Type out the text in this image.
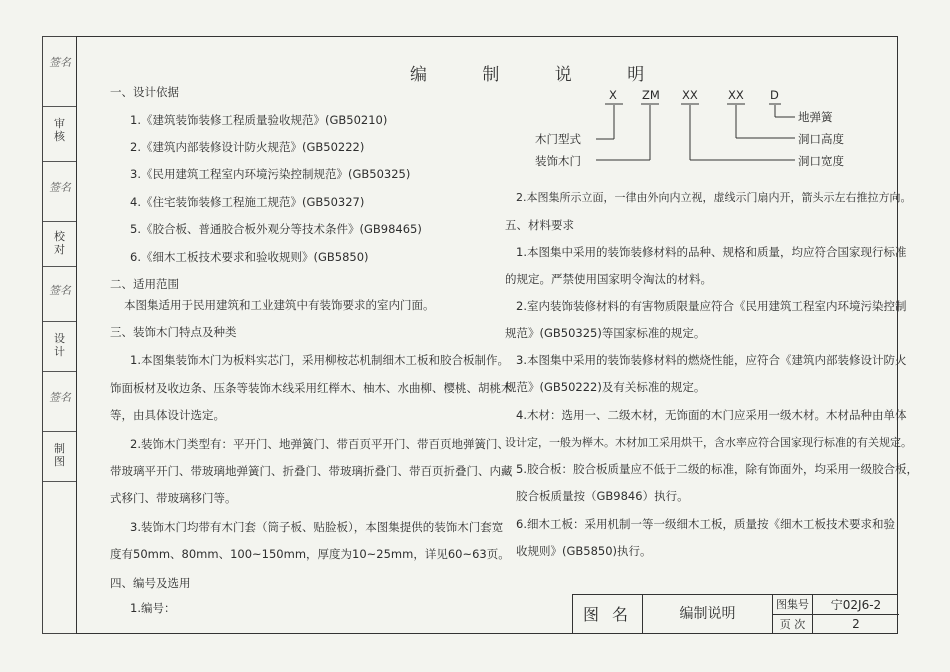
签名
审核
签名
校对
签名
设计
签名
制图
编 制 说 明
一、设计依据
1.《建筑装饰装修工程质量验收规范》(GB50210)
2.《建筑内部装修设计防火规范》(GB50222)
3.《民用建筑工程室内环境污染控制规范》(GB50325)
4.《住宅装饰装修工程施工规范》(GB50327)
5.《胶合板、普通胶合板外观分等技术条件》(GB98465)
6.《细木工板技术要求和验收规则》(GB5850)
二、适用范围
本图集适用于民用建筑和工业建筑中有装饰要求的室内门面。
三、装饰木门特点及种类
1.本图集装饰木门为板料实芯门，采用柳桉芯机制细木工板和胶合板制作。
饰面板材及收边条、压条等装饰木线采用红榉木、柚木、水曲柳、樱桃、胡桃木
等，由具体设计选定。
2.装饰木门类型有：平开门、地弹簧门、带百页平开门、带百页地弹簧门、
带玻璃平开门、带玻璃地弹簧门、折叠门、带玻璃折叠门、带百页折叠门、内藏
式移门、带玻璃移门等。
3.装饰木门均带有木门套（筒子板、贴脸板），本图集提供的装饰木门套宽
度有50mm、80mm、100~150mm，厚度为10~25mm，详见60~63页。
四、编号及选用
1.编号：
X ZM XX	XX D
地弹簧
洞口高度
洞口宽度
木门型式
装饰木门
2.本图集所示立面，一律由外向内立视，虚线示门扇内开，箭头示左右推拉方向。
五、材料要求
1.本图集中采用的装饰装修材料的品种、规格和质量，均应符合国家现行标准
的规定。严禁使用国家明令淘汰的材料。
2.室内装饰装修材料的有害物质限量应符合《民用建筑工程室内环境污染控制
规范》(GB50325)等国家标准的规定。
3.本图集中采用的装饰装修材料的燃烧性能，应符合《建筑内部装修设计防火
规范》(GB50222)及有关标准的规定。
4.木材：选用一、二级木材，无饰面的木门应采用一级木材。木材品种由单体
设计定，一般为榉木。木材加工采用烘干，含水率应符合国家现行标准的有关规定。
5.胶合板：胶合板质量应不低于二级的标准，除有饰面外，均采用一级胶合板，
胶合板质量按（GB9846）执行。
6.细木工板：采用机制一等一级细木工板，质量按《细木工板技术要求和验
收规则》(GB5850)执行。
图 名	编制说明
图集号	宁02J6-2
页 次	2
